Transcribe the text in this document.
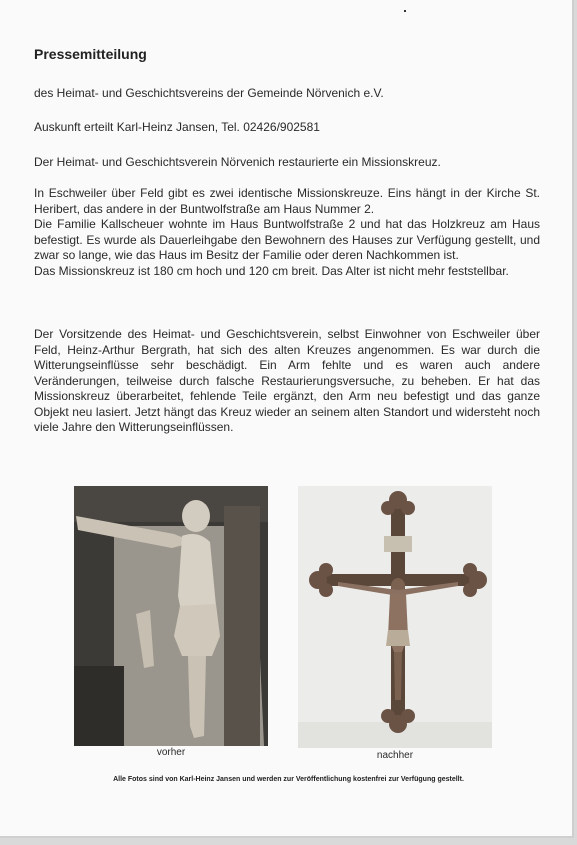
Pressemitteilung
des Heimat- und Geschichtsvereins der Gemeinde Nörvenich e.V.
Auskunft erteilt Karl-Heinz Jansen, Tel. 02426/902581
Der Heimat- und Geschichtsverein Nörvenich restaurierte ein Missionskreuz.

In Eschweiler über Feld gibt es zwei identische Missionskreuze. Eins hängt in der Kirche St. Heribert, das andere in der Buntwolfstraße am Haus Nummer 2.

Die Familie Kallscheuer wohnte im Haus Buntwolfstraße 2 und hat das Holzkreuz am Haus befestigt. Es wurde als Dauerleihgabe den Bewohnern des Hauses zur Verfügung gestellt, und zwar so lange, wie das Haus im Besitz der Familie oder deren Nachkommen ist.

Das Missionskreuz ist 180 cm hoch und 120 cm breit. Das Alter ist nicht mehr feststellbar.

Der Vorsitzende des Heimat- und Geschichtsverein, selbst Einwohner von Eschweiler über Feld, Heinz-Arthur Bergrath, hat sich des alten Kreuzes angenommen. Es war durch die Witterungseinflüsse sehr beschädigt. Ein Arm fehlte und es waren auch andere Veränderungen, teilweise durch falsche Restaurierungsversuche, zu beheben. Er hat das Missionskreuz überarbeitet, fehlende Teile ergänzt, den Arm neu befestigt und das ganze Objekt neu lasiert. Jetzt hängt das Kreuz wieder an seinem alten Standort und widersteht noch viele Jahre den Witterungseinflüssen.

vorher	nachher
Alle Fotos sind von Karl-Heinz Jansen und werden zur Veröffentlichung kostenfrei zur Verfügung gestellt.
